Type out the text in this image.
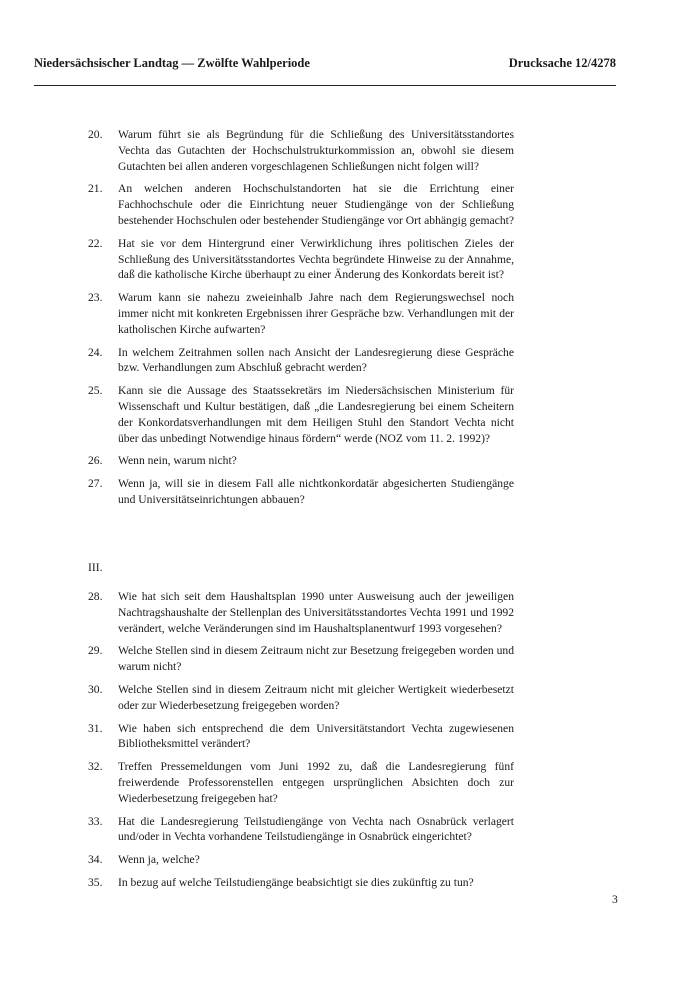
Niedersächsischer Landtag — Zwölfte Wahlperiode	Drucksache 12/4278
20.	Warum führt sie als Begründung für die Schließung des Universitätsstandortes Vechta das Gutachten der Hochschulstrukturkommission an, obwohl sie diesem Gutachten bei allen anderen vorgeschlagenen Schließungen nicht folgen will?
21.	An welchen anderen Hochschulstandorten hat sie die Errichtung einer Fachhochschule oder die Einrichtung neuer Studiengänge von der Schließung bestehender Hochschulen oder bestehender Studiengänge vor Ort abhängig gemacht?
22.	Hat sie vor dem Hintergrund einer Verwirklichung ihres politischen Zieles der Schließung des Universitätsstandortes Vechta begründete Hinweise zu der Annahme, daß die katholische Kirche überhaupt zu einer Änderung des Konkordats bereit ist?
23.	Warum kann sie nahezu zweieinhalb Jahre nach dem Regierungswechsel noch immer nicht mit konkreten Ergebnissen ihrer Gespräche bzw. Verhandlungen mit der katholischen Kirche aufwarten?
24.	In welchem Zeitrahmen sollen nach Ansicht der Landesregierung diese Gespräche bzw. Verhandlungen zum Abschluß gebracht werden?
25.	Kann sie die Aussage des Staatssekretärs im Niedersächsischen Ministerium für Wissenschaft und Kultur bestätigen, daß „die Landesregierung bei einem Scheitern der Konkordatsverhandlungen mit dem Heiligen Stuhl den Standort Vechta nicht über das unbedingt Notwendige hinaus fördern“ werde (NOZ vom 11. 2. 1992)?
26.	Wenn nein, warum nicht?
27.	Wenn ja, will sie in diesem Fall alle nichtkonkordatär abgesicherten Studiengänge und Universitätseinrichtungen abbauen?
III.
28.	Wie hat sich seit dem Haushaltsplan 1990 unter Ausweisung auch der jeweiligen Nachtragshaushalte der Stellenplan des Universitätsstandortes Vechta 1991 und 1992 verändert, welche Veränderungen sind im Haushaltsplanentwurf 1993 vorgesehen?
29.	Welche Stellen sind in diesem Zeitraum nicht zur Besetzung freigegeben worden und warum nicht?
30.	Welche Stellen sind in diesem Zeitraum nicht mit gleicher Wertigkeit wiederbesetzt oder zur Wiederbesetzung freigegeben worden?
31.	Wie haben sich entsprechend die dem Universitätstandort Vechta zugewiesenen Bibliotheksmittel verändert?
32.	Treffen Pressemeldungen vom Juni 1992 zu, daß die Landesregierung fünf freiwerdende Professorenstellen entgegen ursprünglichen Absichten doch zur Wiederbesetzung freigegeben hat?
33.	Hat die Landesregierung Teilstudiengänge von Vechta nach Osnabrück verlagert und/oder in Vechta vorhandene Teilstudiengänge in Osnabrück eingerichtet?
34.	Wenn ja, welche?
35.	In bezug auf welche Teilstudiengänge beabsichtigt sie dies zukünftig zu tun?
3
